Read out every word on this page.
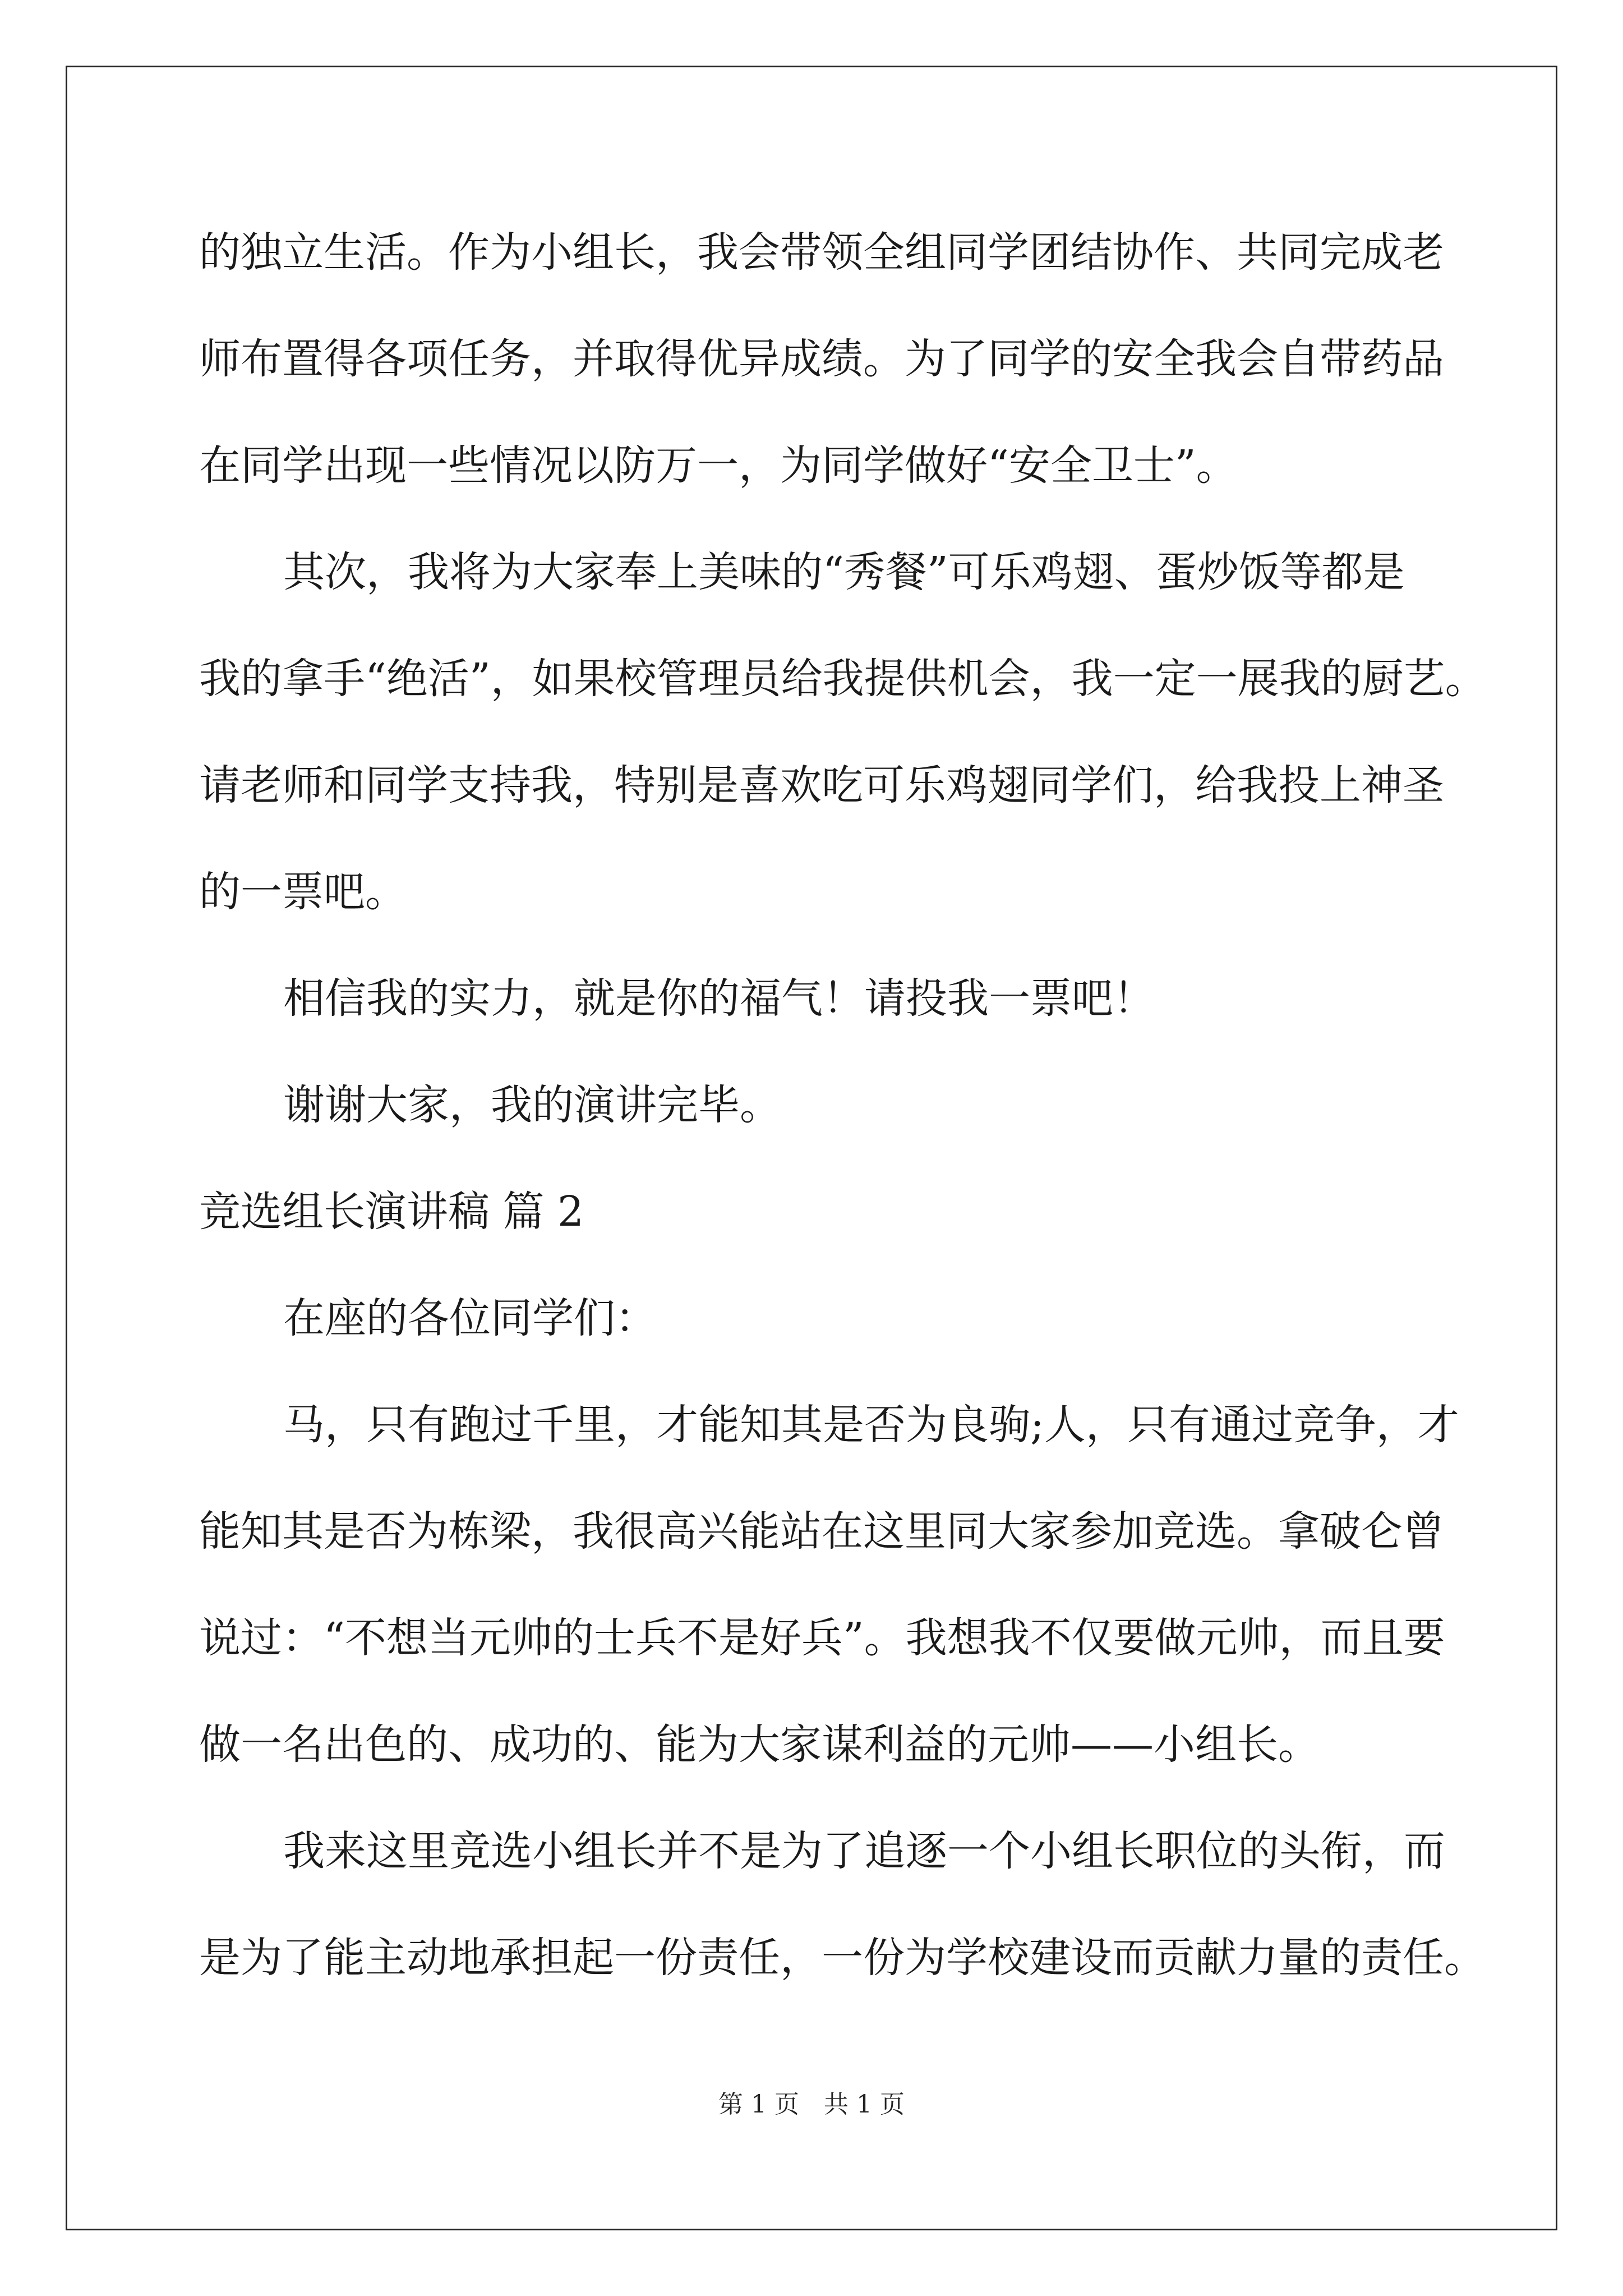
的独立生活。作为小组长，我会带领全组同学团结协作、共同完成老
师布置得各项任务，并取得优异成绩。为了同学的安全我会自带药品
在同学出现一些情况以防万一，为同学做好“安全卫士”。
其次，我将为大家奉上美味的“秀餐”可乐鸡翅、蛋炒饭等都是
我的拿手“绝活”，如果校管理员给我提供机会，我一定一展我的厨艺。
请老师和同学支持我，特别是喜欢吃可乐鸡翅同学们，给我投上神圣
的一票吧。
相信我的实力，就是你的福气！请投我一票吧！
谢谢大家，我的演讲完毕。
竞选组长演讲稿 篇 2
在座的各位同学们：
马，只有跑过千里，才能知其是否为良驹;人，只有通过竞争，才
能知其是否为栋梁，我很高兴能站在这里同大家参加竞选。拿破仑曾
说过：“不想当元帅的士兵不是好兵”。我想我不仅要做元帅，而且要
做一名出色的、成功的、能为大家谋利益的元帅——小组长。
我来这里竞选小组长并不是为了追逐一个小组长职位的头衔，而
是为了能主动地承担起一份责任，一份为学校建设而贡献力量的责任。
第 1 页　共 1 页
